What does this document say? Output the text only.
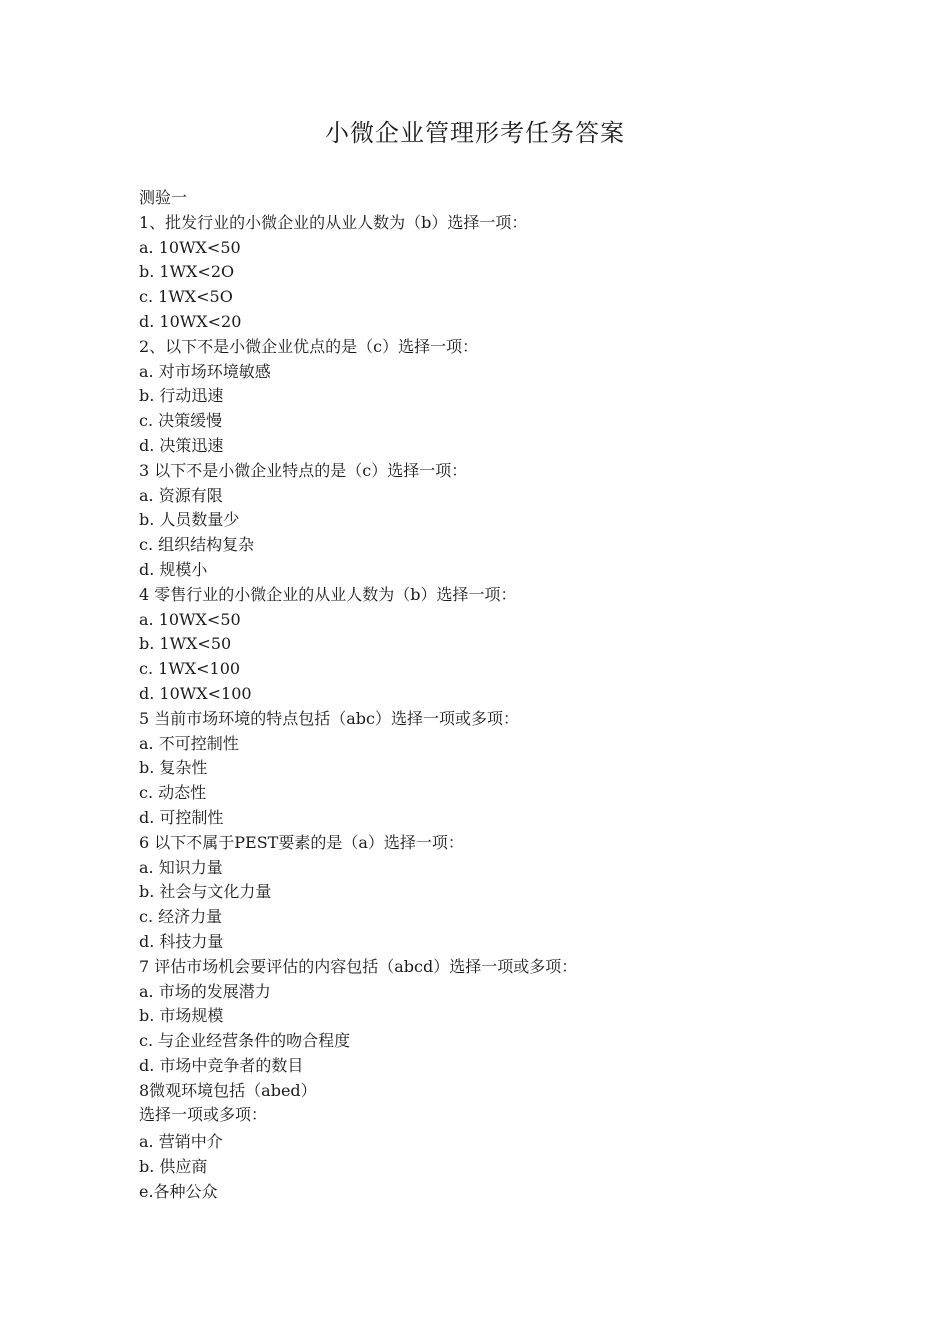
小微企业管理形考任务答案
测验一
1、批发行业的小微企业的从业人数为（b）选择一项：
a. 10WX<50
b. 1WX<2O
c. 1WX<5O
d. 10WX<20
2、以下不是小微企业优点的是（c）选择一项：
a. 对市场环境敏感
b. 行动迅速
c. 决策缓慢
d. 决策迅速
3 以下不是小微企业特点的是（c）选择一项：
a. 资源有限
b. 人员数量少
c. 组织结构复杂
d. 规模小
4 零售行业的小微企业的从业人数为（b）选择一项：
a. 10WX<50
b. 1WX<50
c. 1WX<100
d. 10WX<100
5 当前市场环境的特点包括（abc）选择一项或多项：
a. 不可控制性
b. 复杂性
c. 动态性
d. 可控制性
6 以下不属于PEST要素的是（a）选择一项：
a. 知识力量
b. 社会与文化力量
c. 经济力量
d. 科技力量
7 评估市场机会要评估的内容包括（abcd）选择一项或多项：
a. 市场的发展潜力
b. 市场规模
c. 与企业经营条件的吻合程度
d. 市场中竞争者的数目
8微观环境包括（abed）
选择一项或多项：
a. 营销中介
b. 供应商
e.各种公众
